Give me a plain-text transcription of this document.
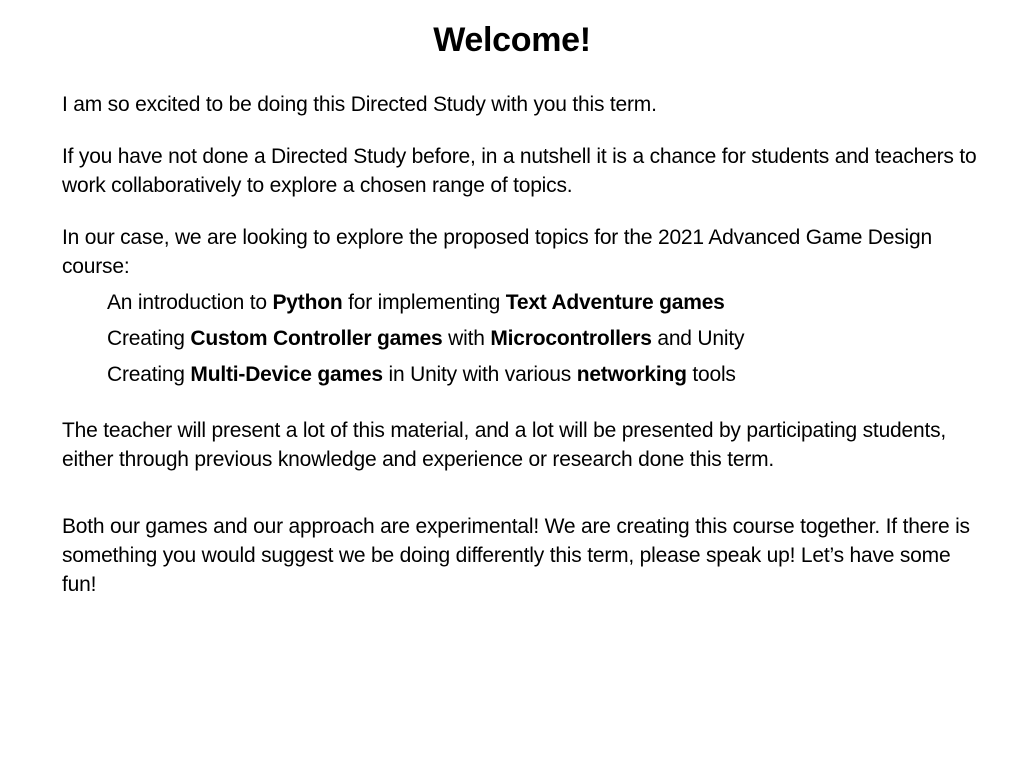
Welcome!

I am so excited to be doing this Directed Study with you this term.

If you have not done a Directed Study before, in a nutshell it is a chance for students and teachers to work collaboratively to explore a chosen range of topics.

In our case, we are looking to explore the proposed topics for the 2021 Advanced Game Design course:

An introduction to Python for implementing Text Adventure games
Creating Custom Controller games with Microcontrollers and Unity
Creating Multi-Device games in Unity with various networking tools

The teacher will present a lot of this material, and a lot will be presented by participating students, either through previous knowledge and experience or research done this term.

Both our games and our approach are experimental! We are creating this course together. If there is something you would suggest we be doing differently this term, please speak up! Let’s have some fun!
